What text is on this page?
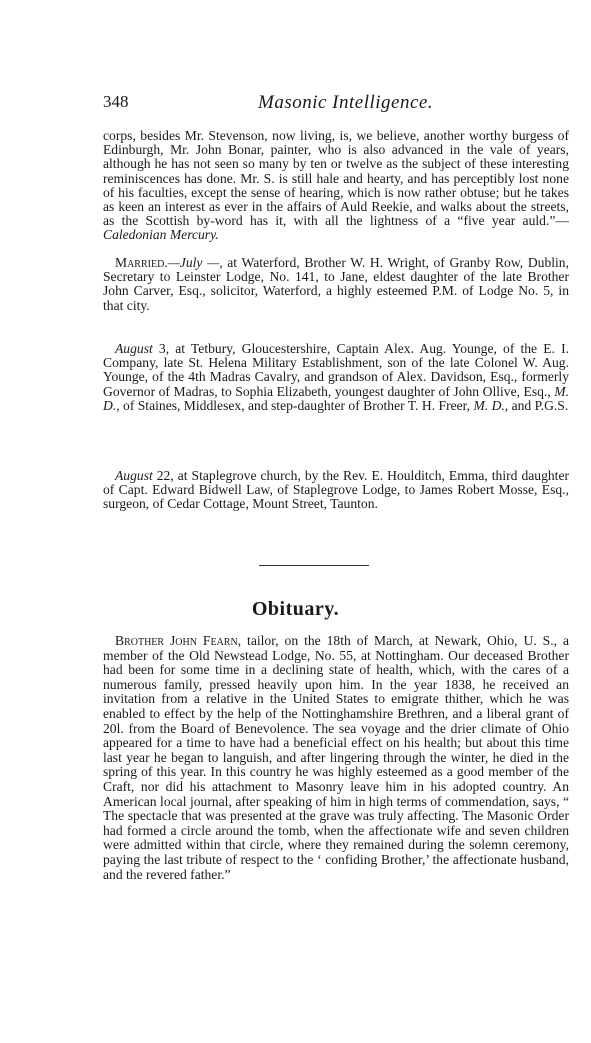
348	Masonic Intelligence.

corps, besides Mr. Stevenson, now living, is, we believe, another worthy burgess of Edinburgh, Mr. John Bonar, painter, who is also advanced in the vale of years, although he has not seen so many by ten or twelve as the subject of these interesting reminiscences has done. Mr. S. is still hale and hearty, and has perceptibly lost none of his faculties, except the sense of hearing, which is now rather obtuse; but he takes as keen an interest as ever in the affairs of Auld Reekie, and walks about the streets, as the Scottish by-word has it, with all the lightness of a “five year auld.”—Caledonian Mercury.

Married.—July —, at Waterford, Brother W. H. Wright, of Granby Row, Dublin, Secretary to Leinster Lodge, No. 141, to Jane, eldest daughter of the late Brother John Carver, Esq., solicitor, Waterford, a highly esteemed P.M. of Lodge No. 5, in that city.

August 3, at Tetbury, Gloucestershire, Captain Alex. Aug. Younge, of the E. I. Company, late St. Helena Military Establishment, son of the late Colonel W. Aug. Younge, of the 4th Madras Cavalry, and grandson of Alex. Davidson, Esq., formerly Governor of Madras, to Sophia Elizabeth, youngest daughter of John Ollive, Esq., M. D., of Staines, Middlesex, and step-daughter of Brother T. H. Freer, M. D., and P.G.S.

August 22, at Staplegrove church, by the Rev. E. Houlditch, Emma, third daughter of Capt. Edward Bidwell Law, of Staplegrove Lodge, to James Robert Mosse, Esq., surgeon, of Cedar Cottage, Mount Street, Taunton.

Obituary.

Brother John Fearn, tailor, on the 18th of March, at Newark, Ohio, U. S., a member of the Old Newstead Lodge, No. 55, at Nottingham. Our deceased Brother had been for some time in a declining state of health, which, with the cares of a numerous family, pressed heavily upon him. In the year 1838, he received an invitation from a relative in the United States to emigrate thither, which he was enabled to effect by the help of the Nottinghamshire Brethren, and a liberal grant of 20l. from the Board of Benevolence. The sea voyage and the drier climate of Ohio appeared for a time to have had a beneficial effect on his health; but about this time last year he began to languish, and after lingering through the winter, he died in the spring of this year. In this country he was highly esteemed as a good member of the Craft, nor did his attachment to Masonry leave him in his adopted country. An American local journal, after speaking of him in high terms of commendation, says, “ The spectacle that was presented at the grave was truly affecting. The Masonic Order had formed a circle around the tomb, when the affectionate wife and seven children were admitted within that circle, where they remained during the solemn ceremony, paying the last tribute of respect to the ‘ confiding Brother,’ the affectionate husband, and the revered father.”
